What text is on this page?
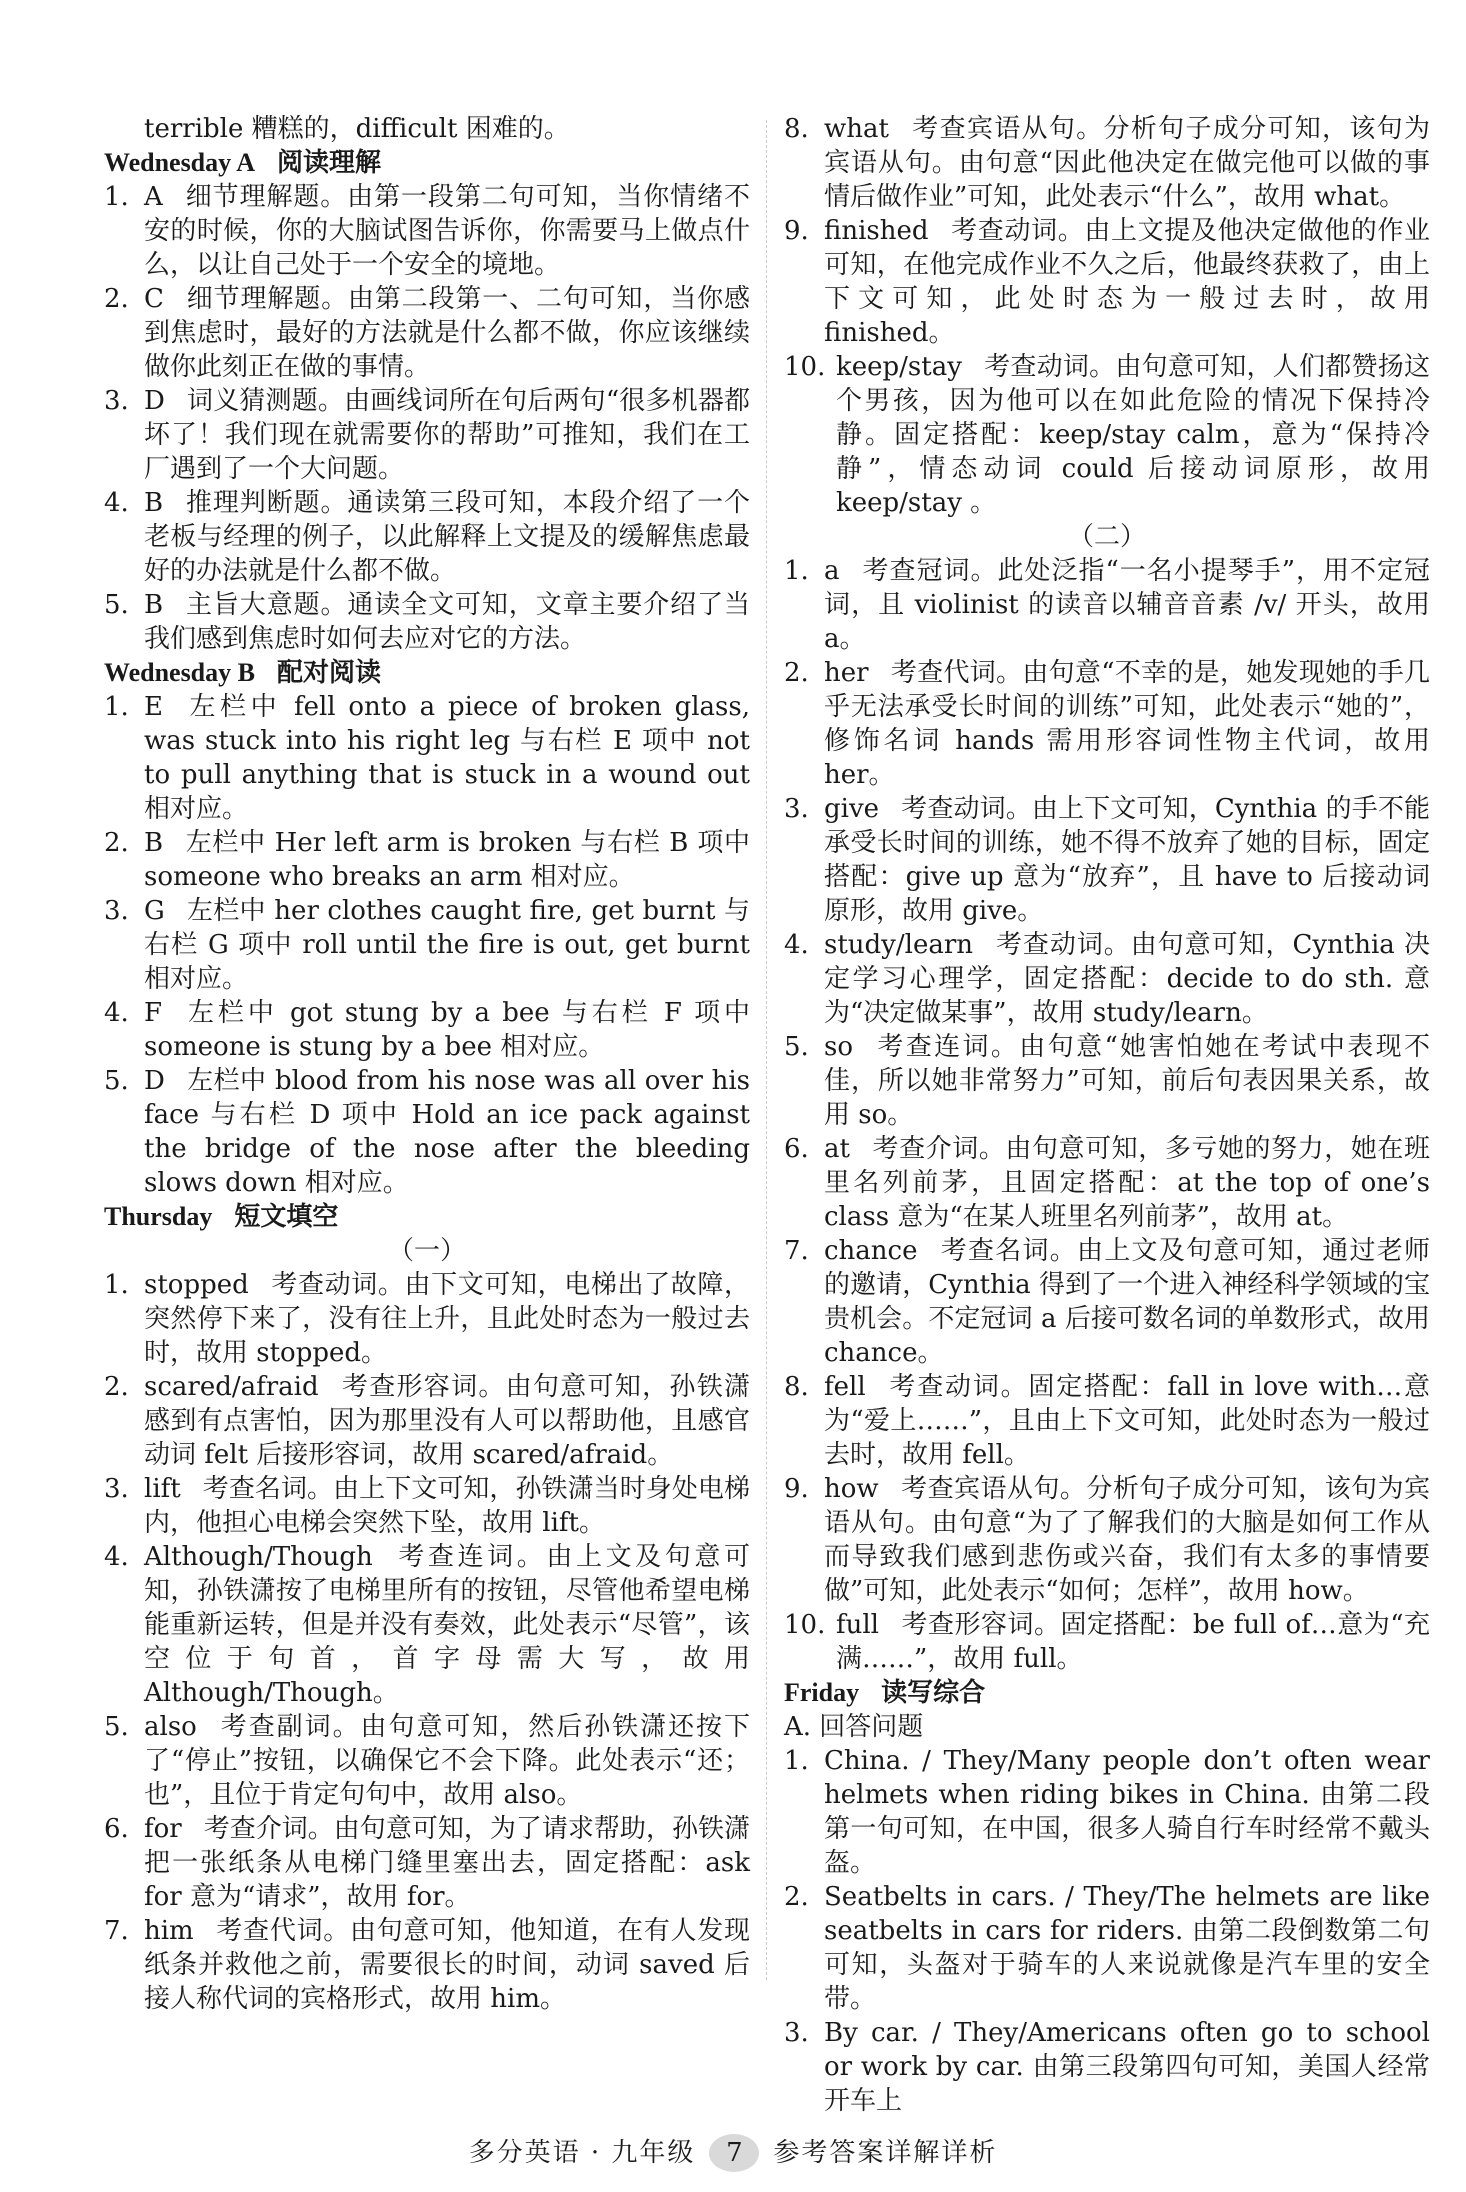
terrible 糟糕的，difficult 困难的。
Wednesday A 阅读理解
1. A 细节理解题。由第一段第二句可知，当你情绪不安的时候，你的大脑试图告诉你，你需要马上做点什么，以让自己处于一个安全的境地。
2. C 细节理解题。由第二段第一、二句可知，当你感到焦虑时，最好的方法就是什么都不做，你应该继续做你此刻正在做的事情。
3. D 词义猜测题。由画线词所在句后两句“很多机器都坏了！我们现在就需要你的帮助”可推知，我们在工厂遇到了一个大问题。
4. B 推理判断题。通读第三段可知，本段介绍了一个老板与经理的例子，以此解释上文提及的缓解焦虑最好的办法就是什么都不做。
5. B 主旨大意题。通读全文可知，文章主要介绍了当我们感到焦虑时如何去应对它的方法。
Wednesday B 配对阅读
1. E 左栏中 fell onto a piece of broken glass, was stuck into his right leg 与右栏 E 项中 not to pull anything that is stuck in a wound out 相对应。
2. B 左栏中 Her left arm is broken 与右栏 B 项中 someone who breaks an arm 相对应。
3. G 左栏中 her clothes caught fire, get burnt 与右栏 G 项中 roll until the fire is out, get burnt 相对应。
4. F 左栏中 got stung by a bee 与右栏 F 项中 someone is stung by a bee 相对应。
5. D 左栏中 blood from his nose was all over his face 与右栏 D 项中 Hold an ice pack against the bridge of the nose after the bleeding slows down 相对应。
Thursday 短文填空
（一）
1. stopped 考查动词。由下文可知，电梯出了故障，突然停下来了，没有往上升，且此处时态为一般过去时，故用 stopped。
2. scared/afraid 考查形容词。由句意可知，孙铁潇感到有点害怕，因为那里没有人可以帮助他，且感官动词 felt 后接形容词，故用 scared/afraid。
3. lift 考查名词。由上下文可知，孙铁潇当时身处电梯内，他担心电梯会突然下坠，故用 lift。
4. Although/Though 考查连词。由上文及句意可知，孙铁潇按了电梯里所有的按钮，尽管他希望电梯能重新运转，但是并没有奏效，此处表示“尽管”，该空位于句首，首字母需大写，故用 Although/Though。
5. also 考查副词。由句意可知，然后孙铁潇还按下了“停止”按钮，以确保它不会下降。此处表示“还；也”，且位于肯定句句中，故用 also。
6. for 考查介词。由句意可知，为了请求帮助，孙铁潇把一张纸条从电梯门缝里塞出去，固定搭配：ask for 意为“请求”，故用 for。
7. him 考查代词。由句意可知，他知道，在有人发现纸条并救他之前，需要很长的时间，动词 saved 后接人称代词的宾格形式，故用 him。
8. what 考查宾语从句。分析句子成分可知，该句为宾语从句。由句意“因此他决定在做完他可以做的事情后做作业”可知，此处表示“什么”，故用 what。
9. finished 考查动词。由上文提及他决定做他的作业可知，在他完成作业不久之后，他最终获救了，由上下文可知，此处时态为一般过去时，故用 finished。
10. keep/stay 考查动词。由句意可知，人们都赞扬这个男孩，因为他可以在如此危险的情况下保持冷静。固定搭配：keep/stay calm，意为“保持冷静”，情态动词 could 后接动词原形，故用 keep/stay 。
（二）
1. a 考查冠词。此处泛指“一名小提琴手”，用不定冠词，且 violinist 的读音以辅音音素 /v/ 开头，故用 a。
2. her 考查代词。由句意“不幸的是，她发现她的手几乎无法承受长时间的训练”可知，此处表示“她的”，修饰名词 hands 需用形容词性物主代词，故用 her。
3. give 考查动词。由上下文可知，Cynthia 的手不能承受长时间的训练，她不得不放弃了她的目标，固定搭配：give up 意为“放弃”，且 have to 后接动词原形，故用 give。
4. study/learn 考查动词。由句意可知，Cynthia 决定学习心理学，固定搭配：decide to do sth. 意为“决定做某事”，故用 study/learn。
5. so 考查连词。由句意“她害怕她在考试中表现不佳，所以她非常努力”可知，前后句表因果关系，故用 so。
6. at 考查介词。由句意可知，多亏她的努力，她在班里名列前茅，且固定搭配：at the top of one’s class 意为“在某人班里名列前茅”，故用 at。
7. chance 考查名词。由上文及句意可知，通过老师的邀请，Cynthia 得到了一个进入神经科学领域的宝贵机会。不定冠词 a 后接可数名词的单数形式，故用 chance。
8. fell 考查动词。固定搭配：fall in love with…意为“爱上……”，且由上下文可知，此处时态为一般过去时，故用 fell。
9. how 考查宾语从句。分析句子成分可知，该句为宾语从句。由句意“为了了解我们的大脑是如何工作从而导致我们感到悲伤或兴奋，我们有太多的事情要做”可知，此处表示“如何；怎样”，故用 how。
10. full 考查形容词。固定搭配：be full of…意为“充满……”，故用 full。
Friday 读写综合
A. 回答问题
1. China. / They/Many people don’t often wear helmets when riding bikes in China. 由第二段第一句可知，在中国，很多人骑自行车时经常不戴头盔。
2. Seatbelts in cars. / They/The helmets are like seatbelts in cars for riders. 由第二段倒数第二句可知，头盔对于骑车的人来说就像是汽车里的安全带。
3. By car. / They/Americans often go to school or work by car. 由第三段第四句可知，美国人经常开车上
多分英语 · 九年级 7 参考答案详解详析
